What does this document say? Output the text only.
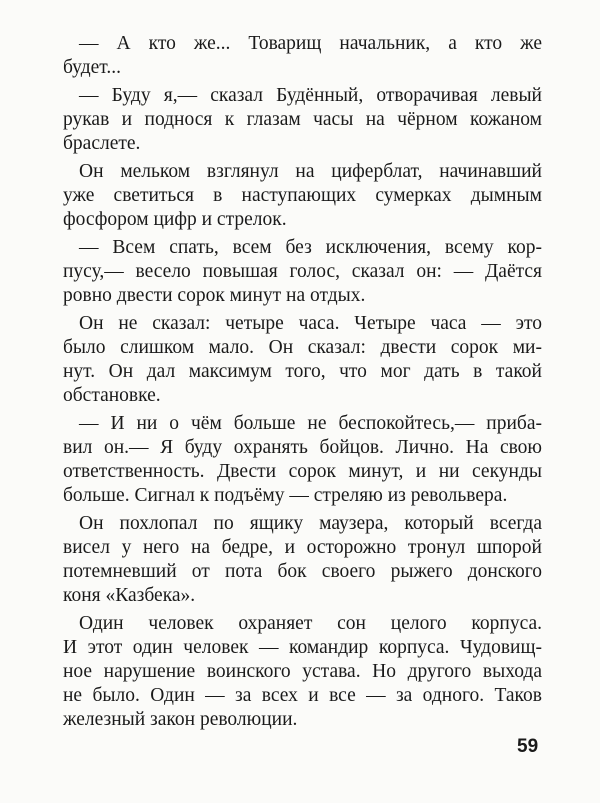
— А кто же... Товарищ начальник, а кто же
будет...
— Буду я,— сказал Будённый, отворачивая левый
рукав и поднося к глазам часы на чёрном кожаном
браслете.
Он мельком взглянул на циферблат, начинавший
уже светиться в наступающих сумерках дымным
фосфором цифр и стрелок.
— Всем спать, всем без исключения, всему кор-
пусу,— весело повышая голос, сказал он: — Даётся
ровно двести сорок минут на отдых.
Он не сказал: четыре часа. Четыре часа — это
было слишком мало. Он сказал: двести сорок ми-
нут. Он дал максимум того, что мог дать в такой
обстановке.
— И ни о чём больше не беспокойтесь,— прибa-
вил он.— Я буду охранять бойцов. Лично. На свою
ответственность. Двести сорок минут, и ни секунды
больше. Сигнал к подъёму — стреляю из револьвера.
Он похлопал по ящику маузера, который всегда
висел у него на бедре, и осторожно тронул шпорой
потемневший от пота бок своего рыжего донского
коня «Казбека».
Один человек охраняет сон целого корпуса.
И этот один человек — командир корпуса. Чудовищ-
ное нарушение воинского устава. Но другого выхода
не было. Один — за всех и все — за одного. Таков
железный закон революции.
59
